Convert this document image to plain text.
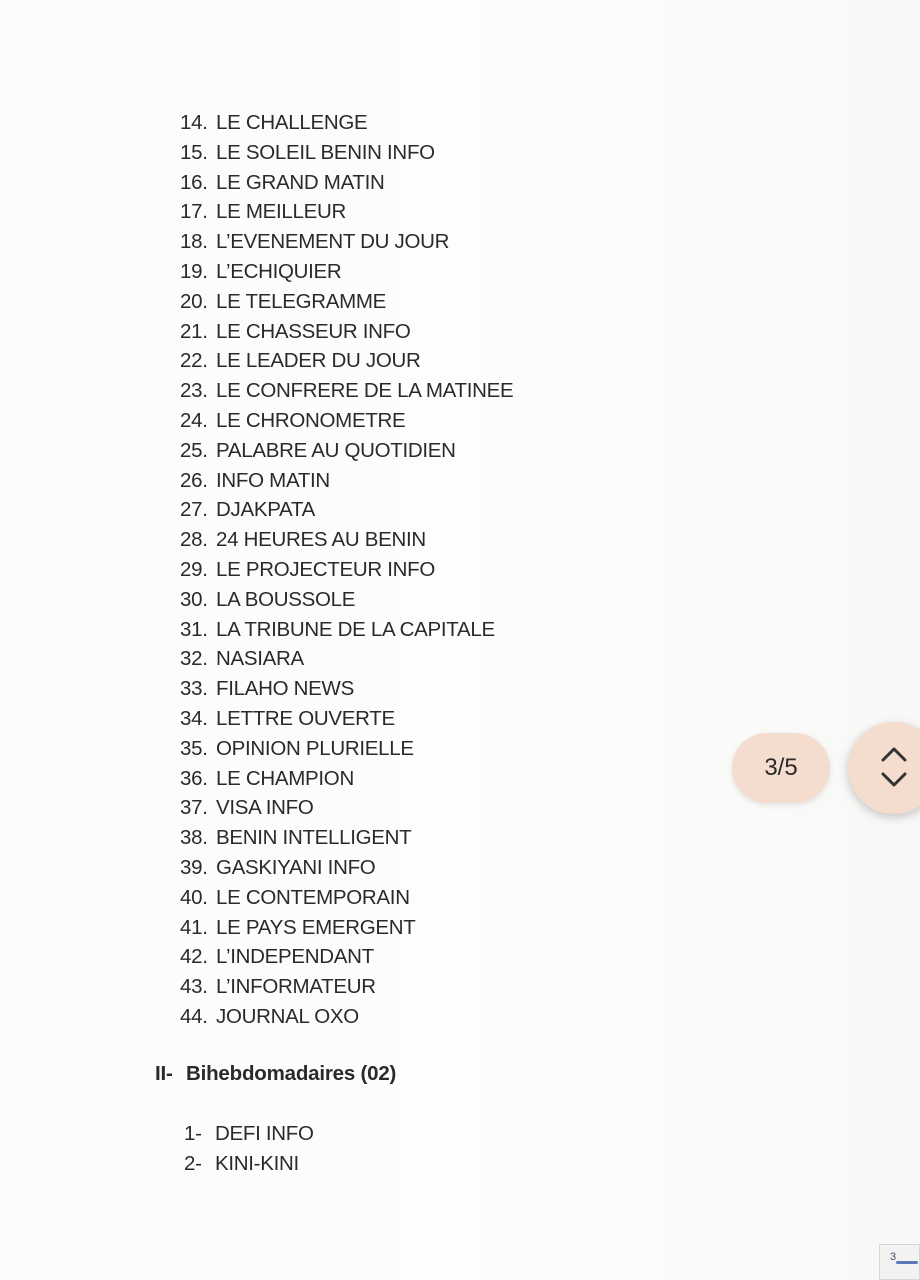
14. LE CHALLENGE
15. LE SOLEIL BENIN INFO
16. LE GRAND MATIN
17. LE MEILLEUR
18. L’EVENEMENT DU JOUR
19. L’ECHIQUIER
20. LE TELEGRAMME
21. LE CHASSEUR INFO
22. LE LEADER DU JOUR
23. LE CONFRERE DE LA MATINEE
24. LE CHRONOMETRE
25. PALABRE AU QUOTIDIEN
26. INFO MATIN
27. DJAKPATA
28. 24 HEURES AU BENIN
29. LE PROJECTEUR INFO
30. LA BOUSSOLE
31. LA TRIBUNE DE LA CAPITALE
32. NASIARA
33. FILAHO NEWS
34. LETTRE OUVERTE
35. OPINION PLURIELLE
36. LE CHAMPION
37. VISA INFO
38. BENIN INTELLIGENT
39. GASKIYANI INFO
40. LE CONTEMPORAIN
41. LE PAYS EMERGENT
42. L’INDEPENDANT
43. L’INFORMATEUR
44. JOURNAL OXO
II- Bihebdomadaires (02)
1- DEFI INFO
2- KINI-KINI
3
3/5
